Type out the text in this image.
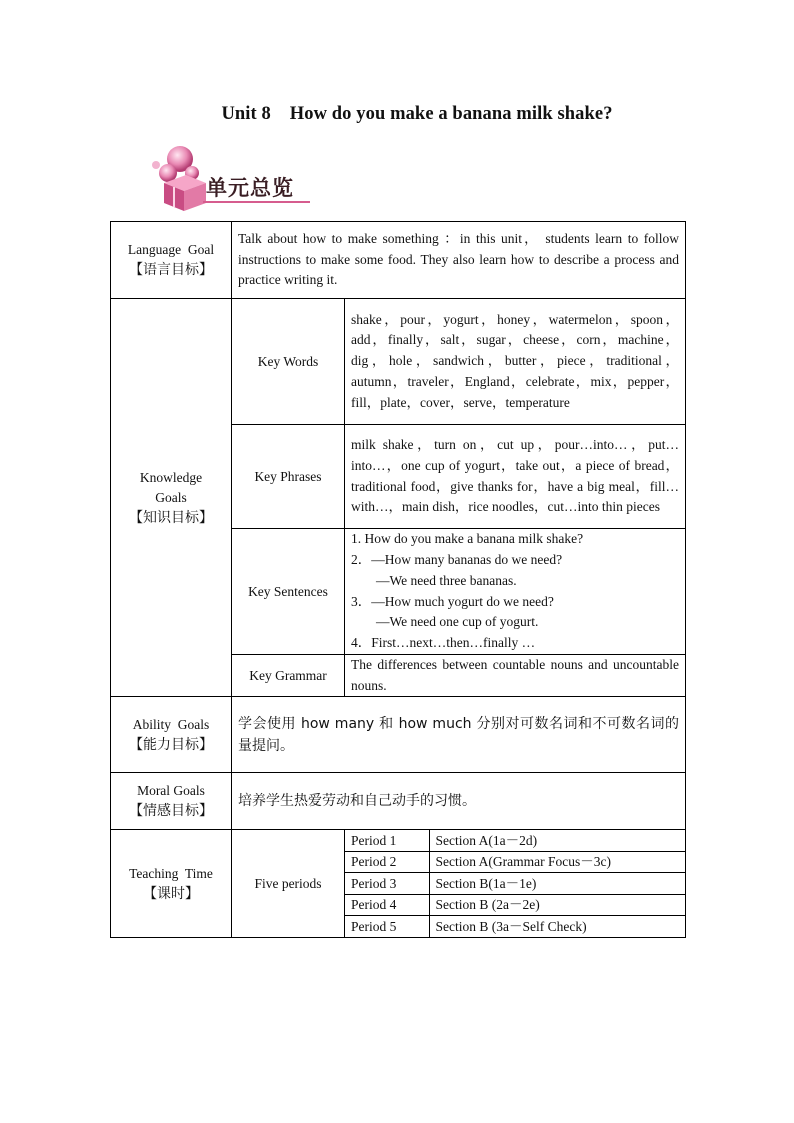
Unit 8    How do you make a banana milk shake?
单元总览
Language  Goal
【语言目标】
	Talk about how to make something ：in this unit， students learn to follow instructions to make some food. They also learn how to describe a process and practice writing it.

Knowledge
Goals
【知识目标】
	Key Words	shake，pour，yogurt，honey，watermelon，spoon，add，finally，salt，sugar，cheese，corn，machine，dig，hole，sandwich，butter，piece，traditional，autumn，traveler，England，celebrate，mix，pepper，fill，plate，cover，serve，temperature
Key Phrases	milk shake，turn on，cut up，pour…into…，put…into…，one cup of yogurt，take out，a piece of bread，traditional food，give thanks for，have a big meal，fill…with…，main dish，rice noodles，cut…into thin pieces
Key Sentences	
1. How do you make a banana milk shake?
2．—How many bananas do we need?
—We need three bananas.
3．—How much yogurt do we need?
—We need one cup of yogurt.
4．First…next…then…finally …

Key Grammar	The differences between countable nouns and uncountable nouns.

Ability  Goals
【能力目标】
	学会使用 how many 和 how much 分别对可数名词和不可数名词的量提问。

Moral Goals
【情感目标】
	培养学生热爱劳动和自己动手的习惯。

Teaching  Time
【课时】
	Five periods	
Period 1	Section A(1a－2d)
Period 2	Section A(Grammar Focus－3c)
Period 3	Section B(1a－1e)
Period 4	Section B (2a－2e)
Period 5	Section B (3a－Self Check)
